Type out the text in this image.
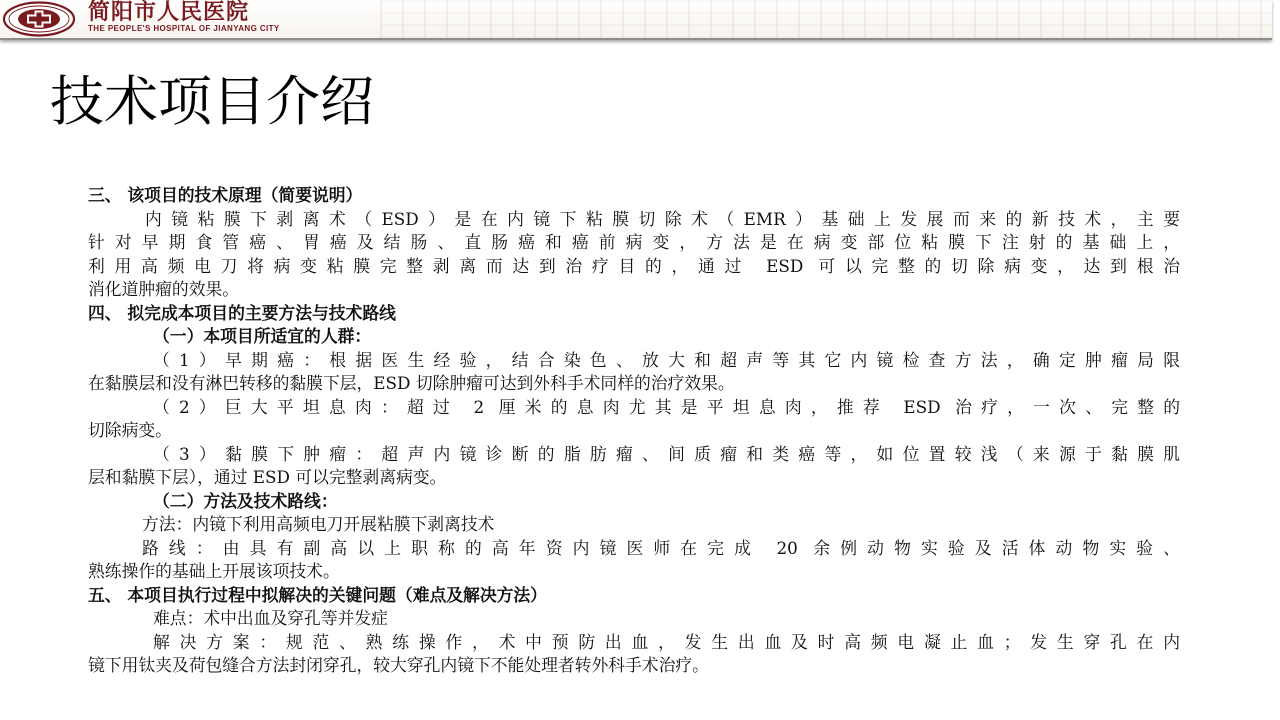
简阳市人民医院
THE PEOPLE'S HOSPITAL OF JIANYANG CITY
技术项目介绍
三、 该项目的技术原理（简要说明）
内镜粘膜下剥离术（ESD）是在内镜下粘膜切除术（EMR）基础上发展而来的新技术，主要
针对早期食管癌、胃癌及结肠、直肠癌和癌前病变，方法是在病变部位粘膜下注射的基础上，
利用高频电刀将病变粘膜完整剥离而达到治疗目的，通过 ESD 可以完整的切除病变，达到根治
消化道肿瘤的效果。
四、 拟完成本项目的主要方法与技术路线
（一）本项目所适宜的人群：
（1）早期癌：根据医生经验，结合染色、放大和超声等其它内镜检查方法，确定肿瘤局限
在黏膜层和没有淋巴转移的黏膜下层，ESD 切除肿瘤可达到外科手术同样的治疗效果。
（2）巨大平坦息肉：超过 2 厘米的息肉尤其是平坦息肉，推荐 ESD 治疗，一次、完整的
切除病变。
（3）黏膜下肿瘤：超声内镜诊断的脂肪瘤、间质瘤和类癌等，如位置较浅（来源于黏膜肌
层和黏膜下层），通过 ESD 可以完整剥离病变。
（二）方法及技术路线：
方法：内镜下利用高频电刀开展粘膜下剥离技术
路线：由具有副高以上职称的高年资内镜医师在完成 20 余例动物实验及活体动物实验、
熟练操作的基础上开展该项技术。
五、 本项目执行过程中拟解决的关键问题（难点及解决方法）
难点：术中出血及穿孔等并发症
解决方案：规范、熟练操作，术中预防出血，发生出血及时高频电凝止血；发生穿孔在内
镜下用钛夹及荷包缝合方法封闭穿孔，较大穿孔内镜下不能处理者转外科手术治疗。
